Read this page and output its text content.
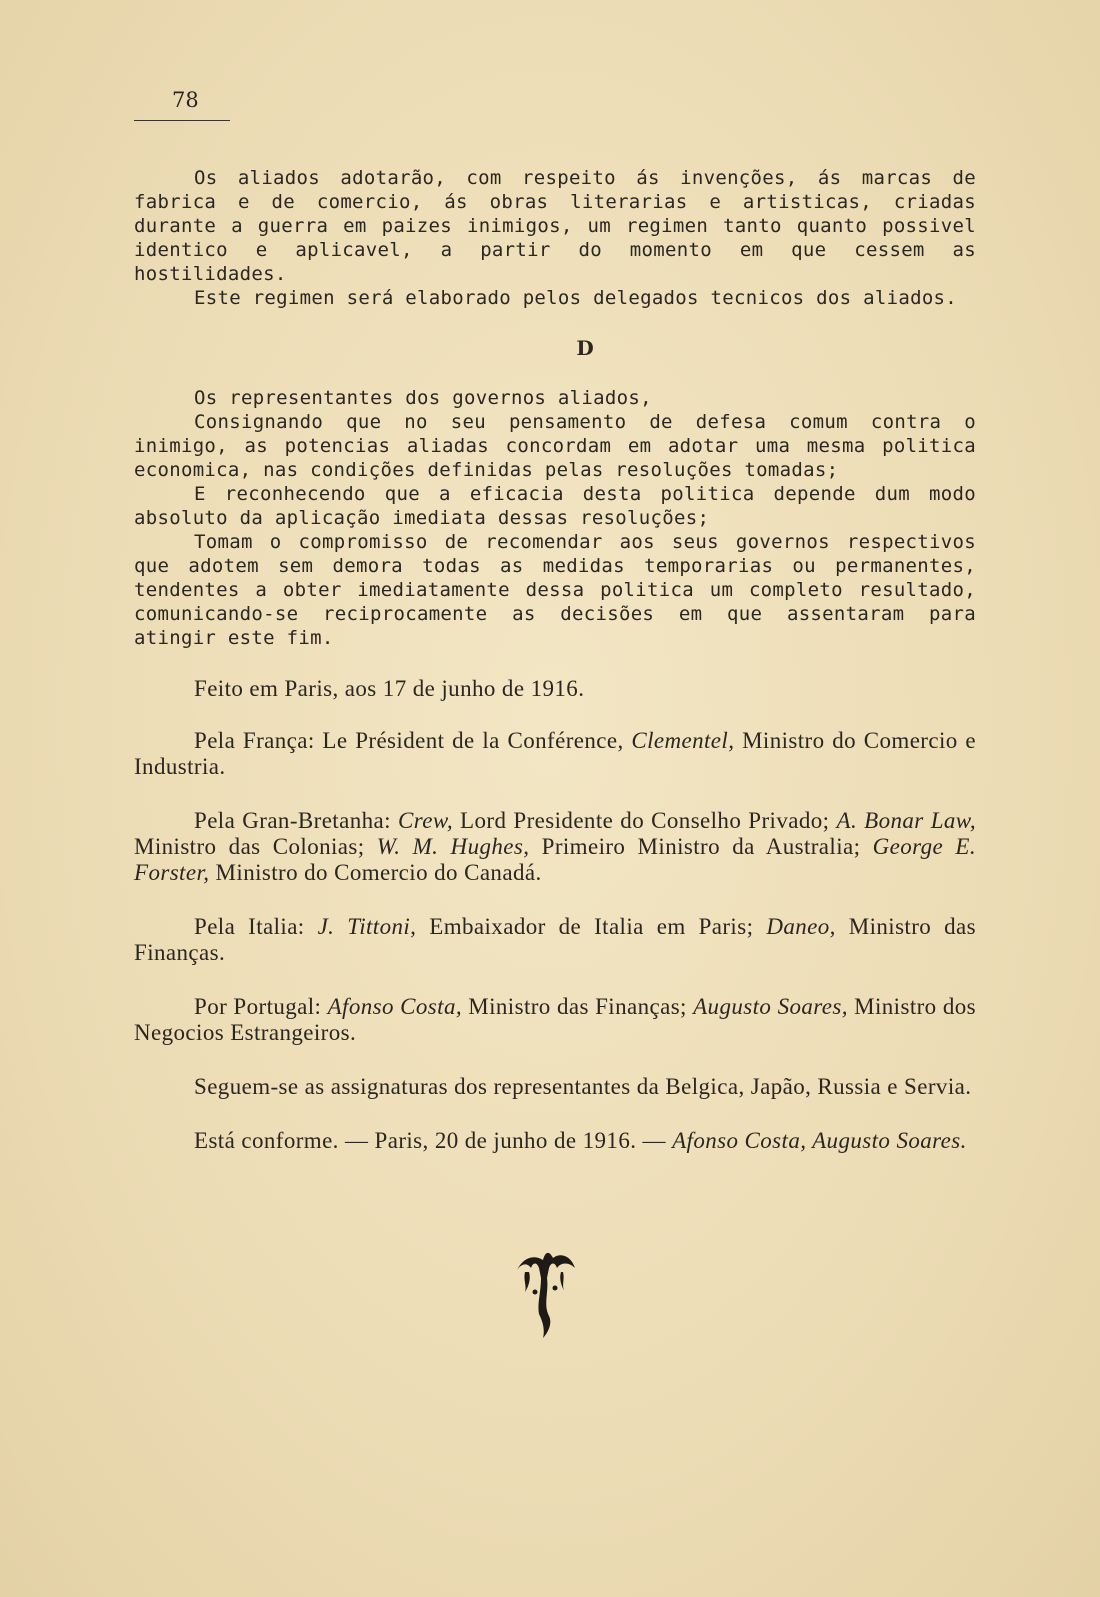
78

Os aliados adotarão, com respeito ás invenções, ás marcas de fabrica e de comercio, ás obras literarias e artisticas, criadas durante a guerra em paizes inimigos, um regimen tanto quanto possivel identico e aplicavel, a partir do momento em que cessem as hostilidades.

Este regimen será elaborado pelos delegados tecnicos dos aliados.

D

Os representantes dos governos aliados,

Consignando que no seu pensamento de defesa comum contra o inimigo, as potencias aliadas concordam em adotar uma mesma politica economica, nas condições definidas pelas resoluções tomadas;

E reconhecendo que a eficacia desta politica depende dum modo absoluto da aplicação imediata dessas resoluções;

Tomam o compromisso de recomendar aos seus governos respectivos que adotem sem demora todas as medidas temporarias ou permanentes, tendentes a obter imediatamente dessa politica um completo resultado, comunicando-se reciprocamente as decisões em que assentaram para atingir este fim.

Feito em Paris, aos 17 de junho de 1916.

Pela França: Le Président de la Conférence, Clementel, Ministro do Comercio e Industria.

Pela Gran-Bretanha: Crew, Lord Presidente do Conselho Privado; A. Bonar Law, Ministro das Colonias; W. M. Hughes, Primeiro Ministro da Australia; George E. Forster, Ministro do Comercio do Canadá.

Pela Italia: J. Tittoni, Embaixador de Italia em Paris; Daneo, Ministro das Finanças.

Por Portugal: Afonso Costa, Ministro das Finanças; Augusto Soares, Ministro dos Negocios Estrangeiros.

Seguem-se as assignaturas dos representantes da Belgica, Japão, Russia e Servia.

Está conforme. — Paris, 20 de junho de 1916. — Afonso Costa, Augusto Soares.
